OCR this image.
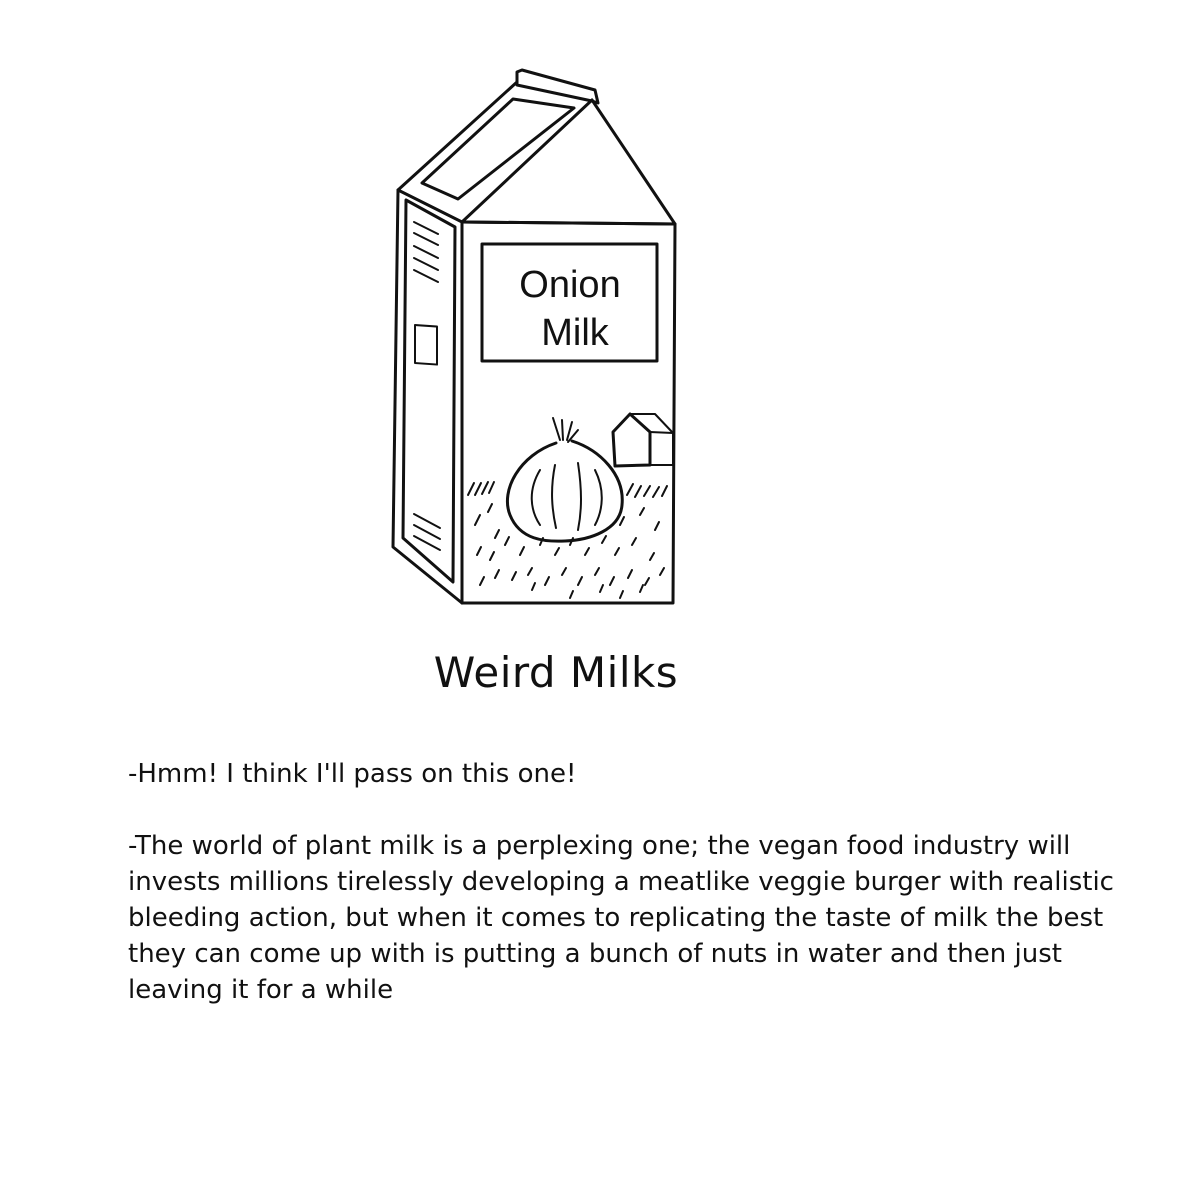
Onion
Milk
Weird Milks

-Hmm! I think I'll pass on this one!

-The world of plant milk is a perplexing one; the vegan food industry will invests millions tirelessly developing a meatlike veggie burger with realistic bleeding action, but when it comes to replicating the taste of milk the best they can come up with is putting a bunch of nuts in water and then just leaving it for a while
